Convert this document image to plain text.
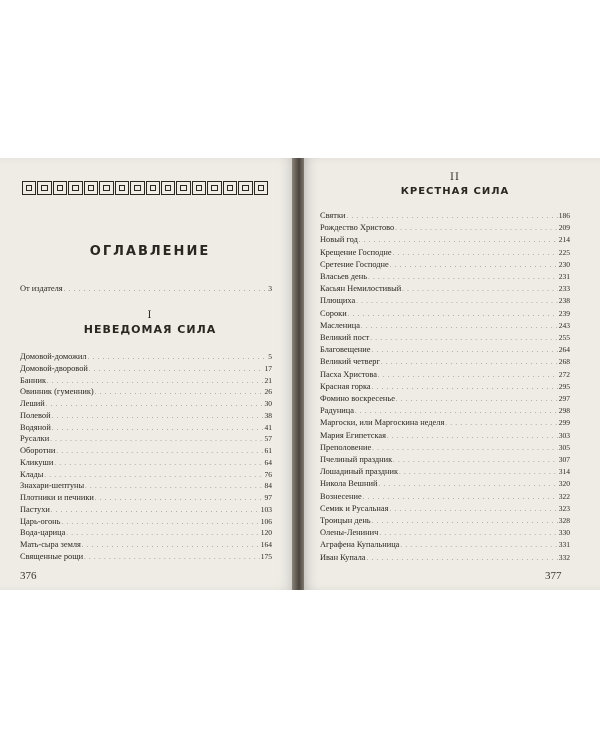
ОГЛАВЛЕНИЕ
От издателя . . .	3
I
НЕВЕДОМАЯ СИЛА
Домовой-доможил . . .	5
Домовой-дворовой . . .	17
Банник . . .	21
Овинник (гуменник) . . .	26
Леший . . .	30
Полевой . . .	38
Водяной . . .	41
Русалки . . .	57
Оборотни . . .	61
Кликуши . . .	64
Клады . . .	76
Знахари-шептуны . . .	84
Плотники и печники . . .	97
Пастухи . . .	103
Царь-огонь . . .	106
Вода-царица . . .	120
Мать-сыра земля . . .	164
Священные рощи . . .	175
II
КРЕСТНАЯ СИЛА
Святки . . .	186
Рождество Христово . . .	209
Новый год . . .	214
Крещение Господне . . .	225
Сретение Господне . . .	230
Власьев день . . .	231
Касьян Немилостивый . . .	233
Плющиха . . .	238
Сороки . . .	239
Масленица . . .	243
Великий пост . . .	255
Благовещение . . .	264
Великий четверг . . .	268
Пасха Христова . . .	272
Красная горка . . .	295
Фомино воскресенье . . .	297
Радуница . . .	298
Маргоски, или Маргоскина неделя . . .	299
Мария Египетская . . .	303
Преполовение . . .	305
Пчелиный праздник . . .	307
Лошадиный праздник . . .	314
Никола Вешний . . .	320
Вознесение . . .	322
Семик и Русальная . . .	323
Троицын день . . .	328
Олены-Ленинич . . .	330
Аграфена Купальница . . .	331
Иван Купала . . .	332
376	377
